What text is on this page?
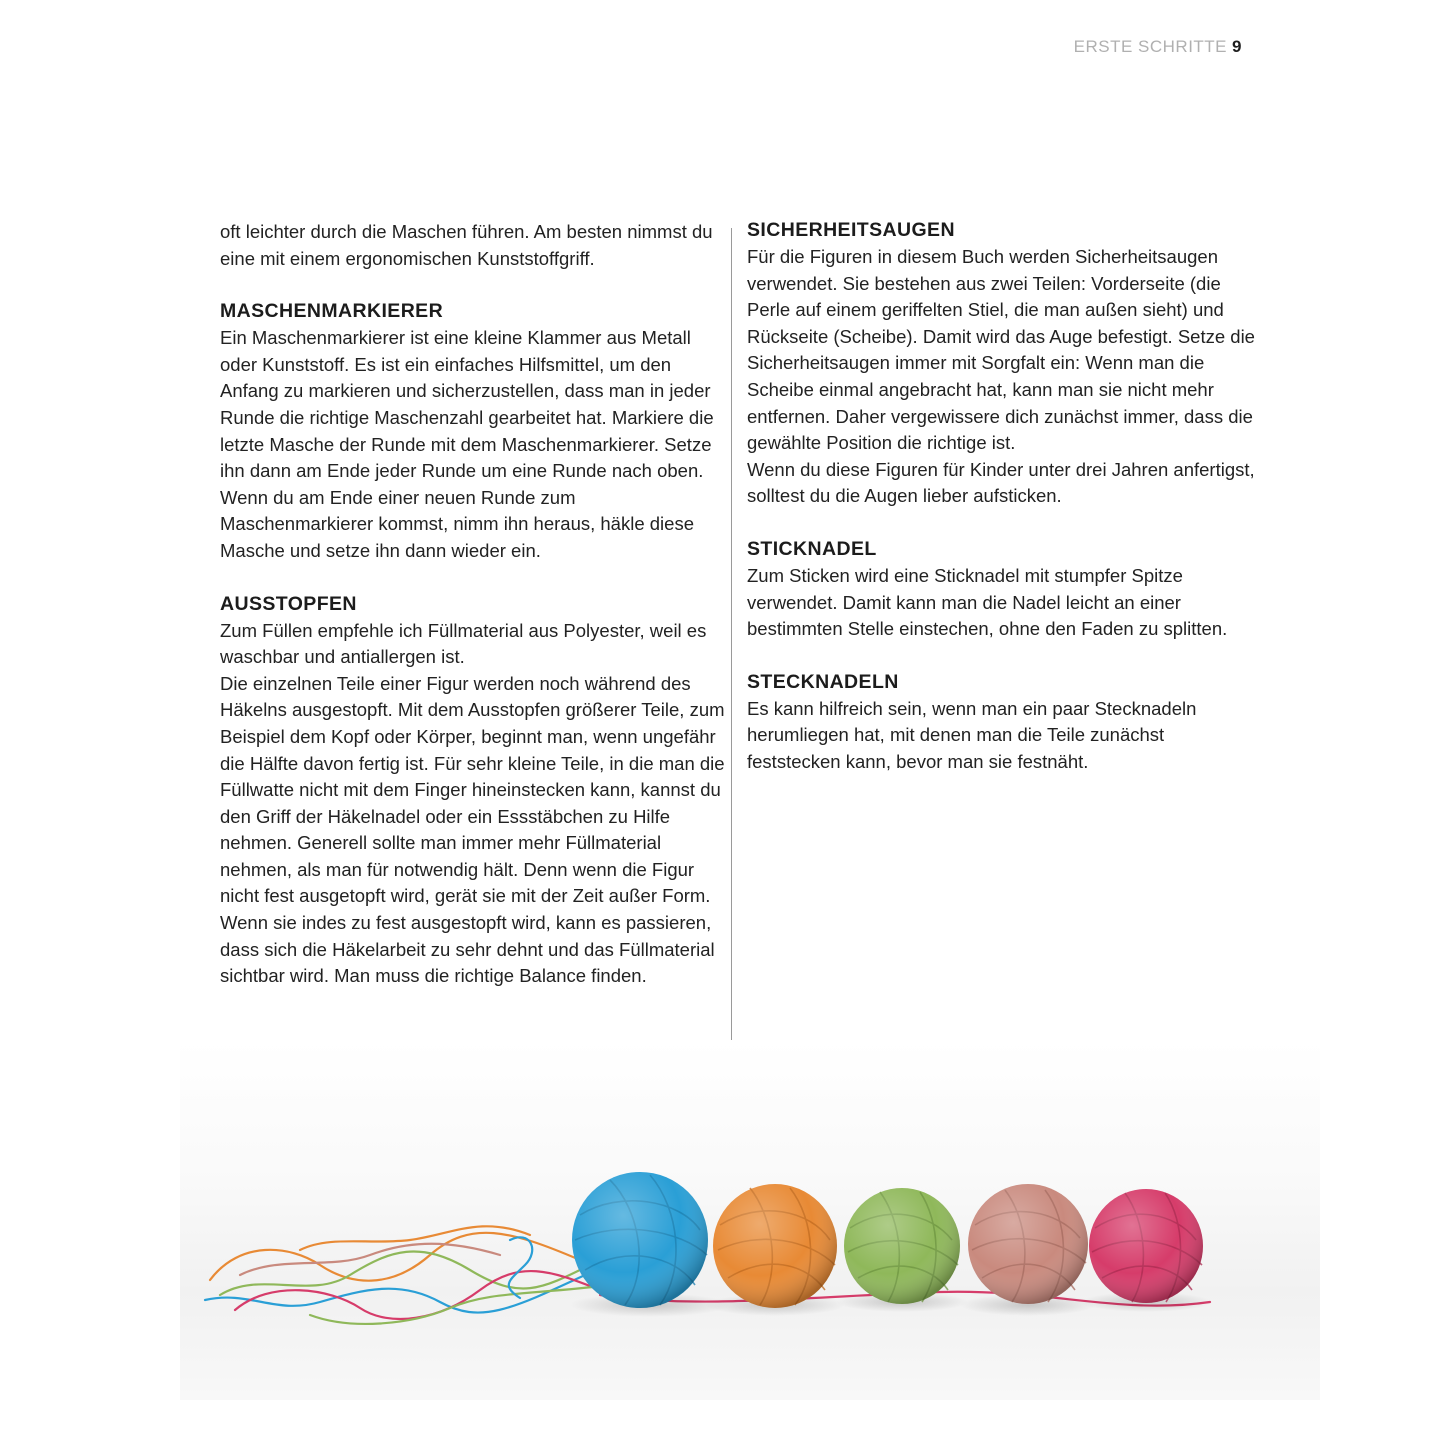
ERSTE SCHRITTE 9

oft leichter durch die Maschen führen. Am besten nimmst du eine mit einem ergonomischen Kunststoffgriff.

MASCHENMARKIERER

Ein Maschenmarkierer ist eine kleine Klammer aus Metall oder Kunststoff. Es ist ein einfaches Hilfsmittel, um den Anfang zu markieren und sicherzustellen, dass man in jeder Runde die richtige Maschenzahl gearbeitet hat. Markiere die letzte Masche der Runde mit dem Maschenmarkierer. Setze ihn dann am Ende jeder Runde um eine Runde nach oben. Wenn du am Ende einer neuen Runde zum Maschenmarkierer kommst, nimm ihn heraus, häkle diese Masche und setze ihn dann wieder ein.

AUSSTOPFEN

Zum Füllen empfehle ich Füllmaterial aus Polyester, weil es waschbar und antiallergen ist.

Die einzelnen Teile einer Figur werden noch während des Häkelns ausgestopft. Mit dem Ausstopfen größerer Teile, zum Beispiel dem Kopf oder Körper, beginnt man, wenn ungefähr die Hälfte davon fertig ist. Für sehr kleine Teile, in die man die Füllwatte nicht mit dem Finger hineinstecken kann, kannst du den Griff der Häkelnadel oder ein Essstäbchen zu Hilfe nehmen. Generell sollte man immer mehr Füllmaterial nehmen, als man für notwendig hält. Denn wenn die Figur nicht fest ausgetopft wird, gerät sie mit der Zeit außer Form. Wenn sie indes zu fest ausgestopft wird, kann es passieren, dass sich die Häkelarbeit zu sehr dehnt und das Füllmaterial sichtbar wird. Man muss die richtige Balance finden.

SICHERHEITSAUGEN

Für die Figuren in diesem Buch werden Sicherheitsaugen verwendet. Sie bestehen aus zwei Teilen: Vorderseite (die Perle auf einem geriffelten Stiel, die man außen sieht) und Rückseite (Scheibe). Damit wird das Auge befestigt. Setze die Sicherheitsaugen immer mit Sorgfalt ein: Wenn man die Scheibe einmal angebracht hat, kann man sie nicht mehr entfernen. Daher vergewissere dich zunächst immer, dass die gewählte Position die richtige ist.

Wenn du diese Figuren für Kinder unter drei Jahren anfertigst, solltest du die Augen lieber aufsticken.

STICKNADEL

Zum Sticken wird eine Sticknadel mit stumpfer Spitze verwendet. Damit kann man die Nadel leicht an einer bestimmten Stelle einstechen, ohne den Faden zu splitten.

STECKNADELN

Es kann hilfreich sein, wenn man ein paar Stecknadeln herumliegen hat, mit denen man die Teile zunächst feststecken kann, bevor man sie festnäht.
